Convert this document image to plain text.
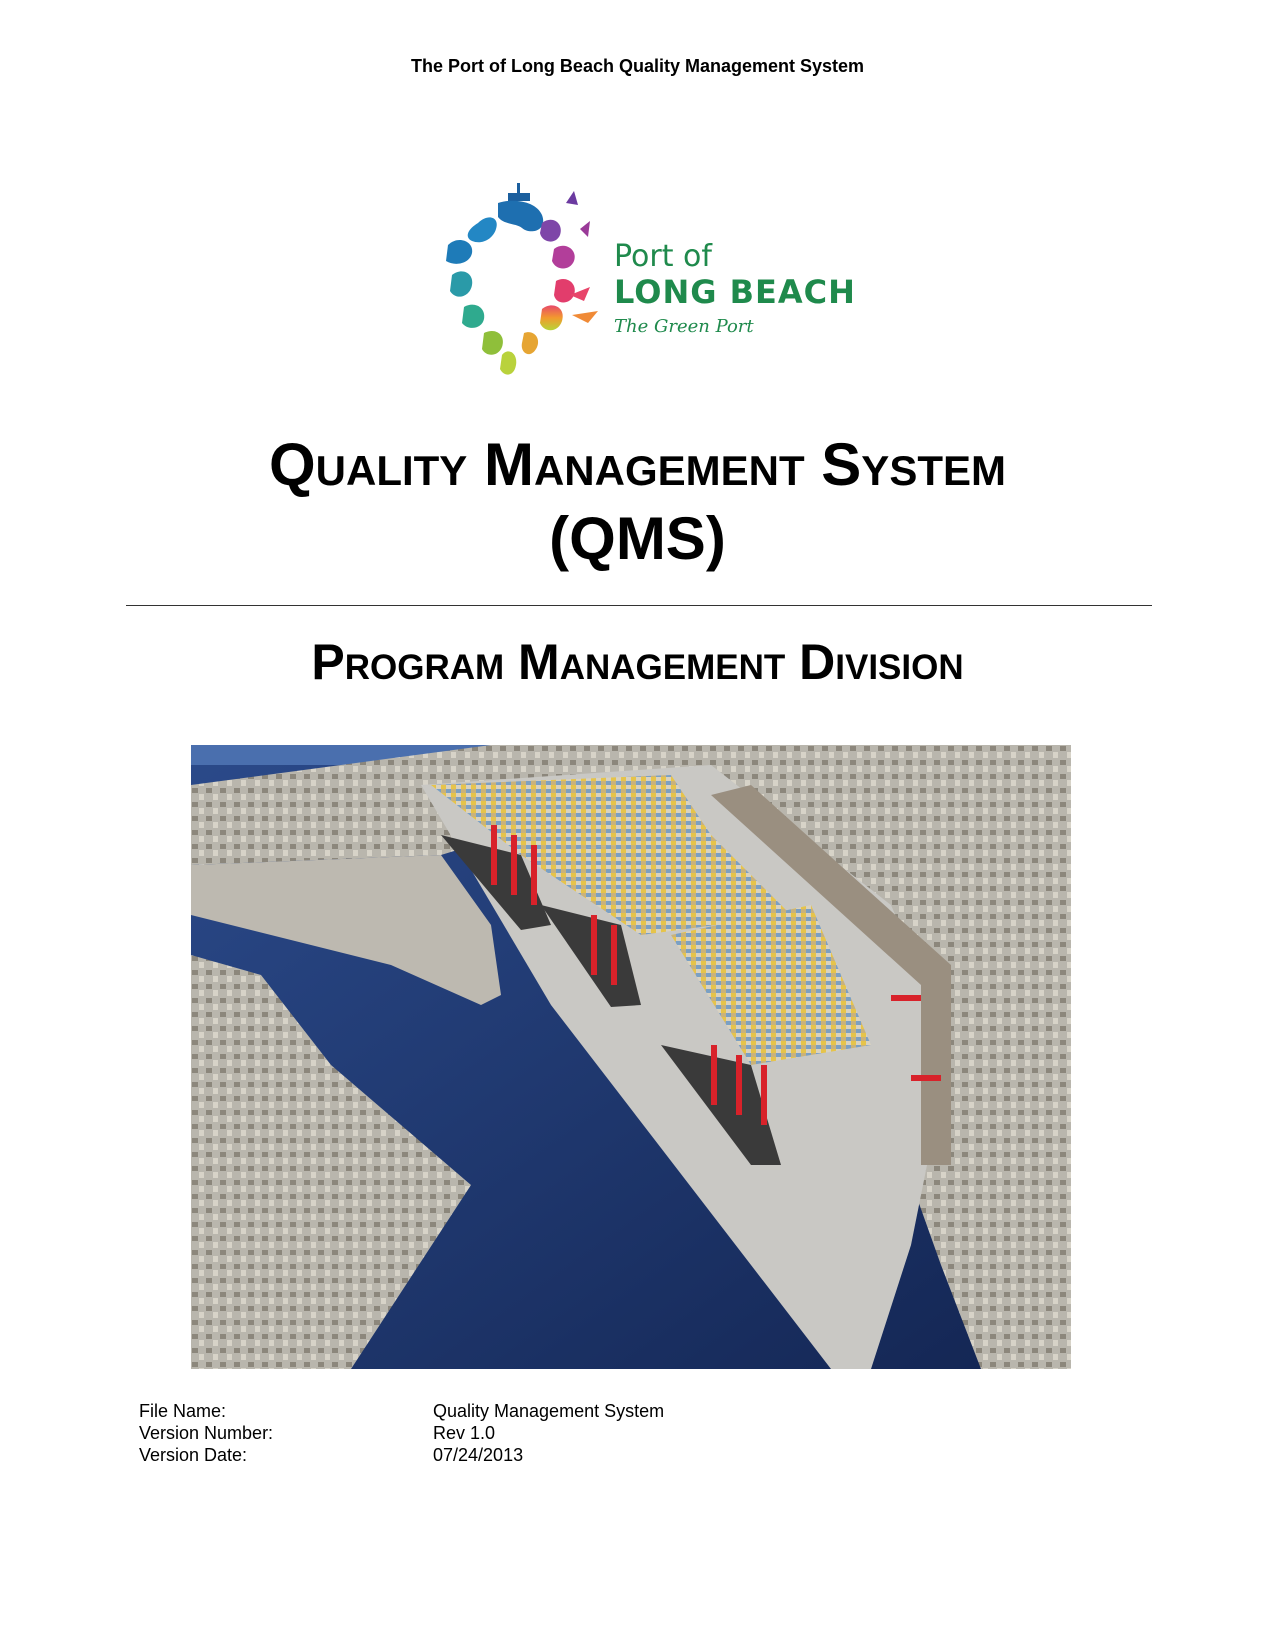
The Port of Long Beach Quality Management System
Port of
LONG BEACH
The Green Port
Quality Management System
(QMS)
Program Management Division
File Name:	Quality Management System
Version Number:	Rev 1.0
Version Date:	07/24/2013
